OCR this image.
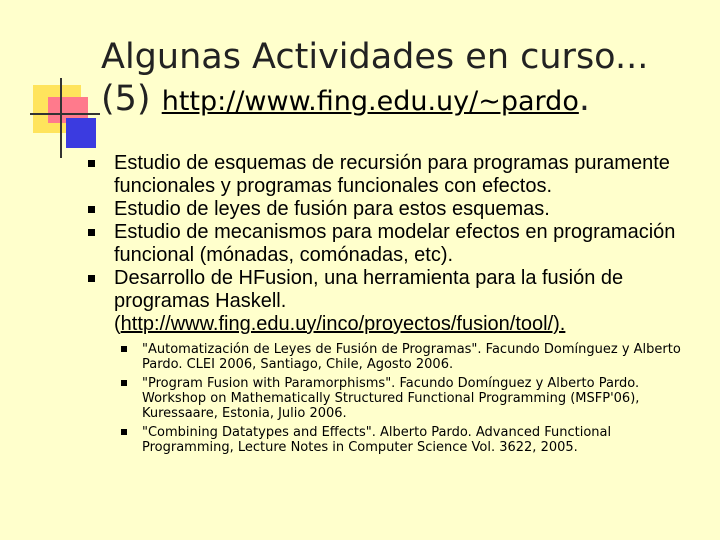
Algunas Actividades en curso...
(5) http://www.fing.edu.uy/~pardo.
Estudio de esquemas de recursión para programas puramente funcionales y programas funcionales con efectos.
Estudio de leyes de fusión para estos esquemas.
Estudio de mecanismos para modelar efectos en programación funcional (mónadas, comónadas, etc).
Desarrollo de HFusion, una herramienta para la fusión de programas Haskell.
(http://www.fing.edu.uy/inco/proyectos/fusion/tool/).
"Automatización de Leyes de Fusión de Programas". Facundo Domínguez y Alberto Pardo. CLEI 2006, Santiago, Chile, Agosto 2006.
"Program Fusion with Paramorphisms". Facundo Domínguez y Alberto Pardo. Workshop on Mathematically Structured Functional Programming (MSFP'06), Kuressaare, Estonia, Julio 2006.
"Combining Datatypes and Effects". Alberto Pardo. Advanced Functional Programming, Lecture Notes in Computer Science Vol. 3622, 2005.
